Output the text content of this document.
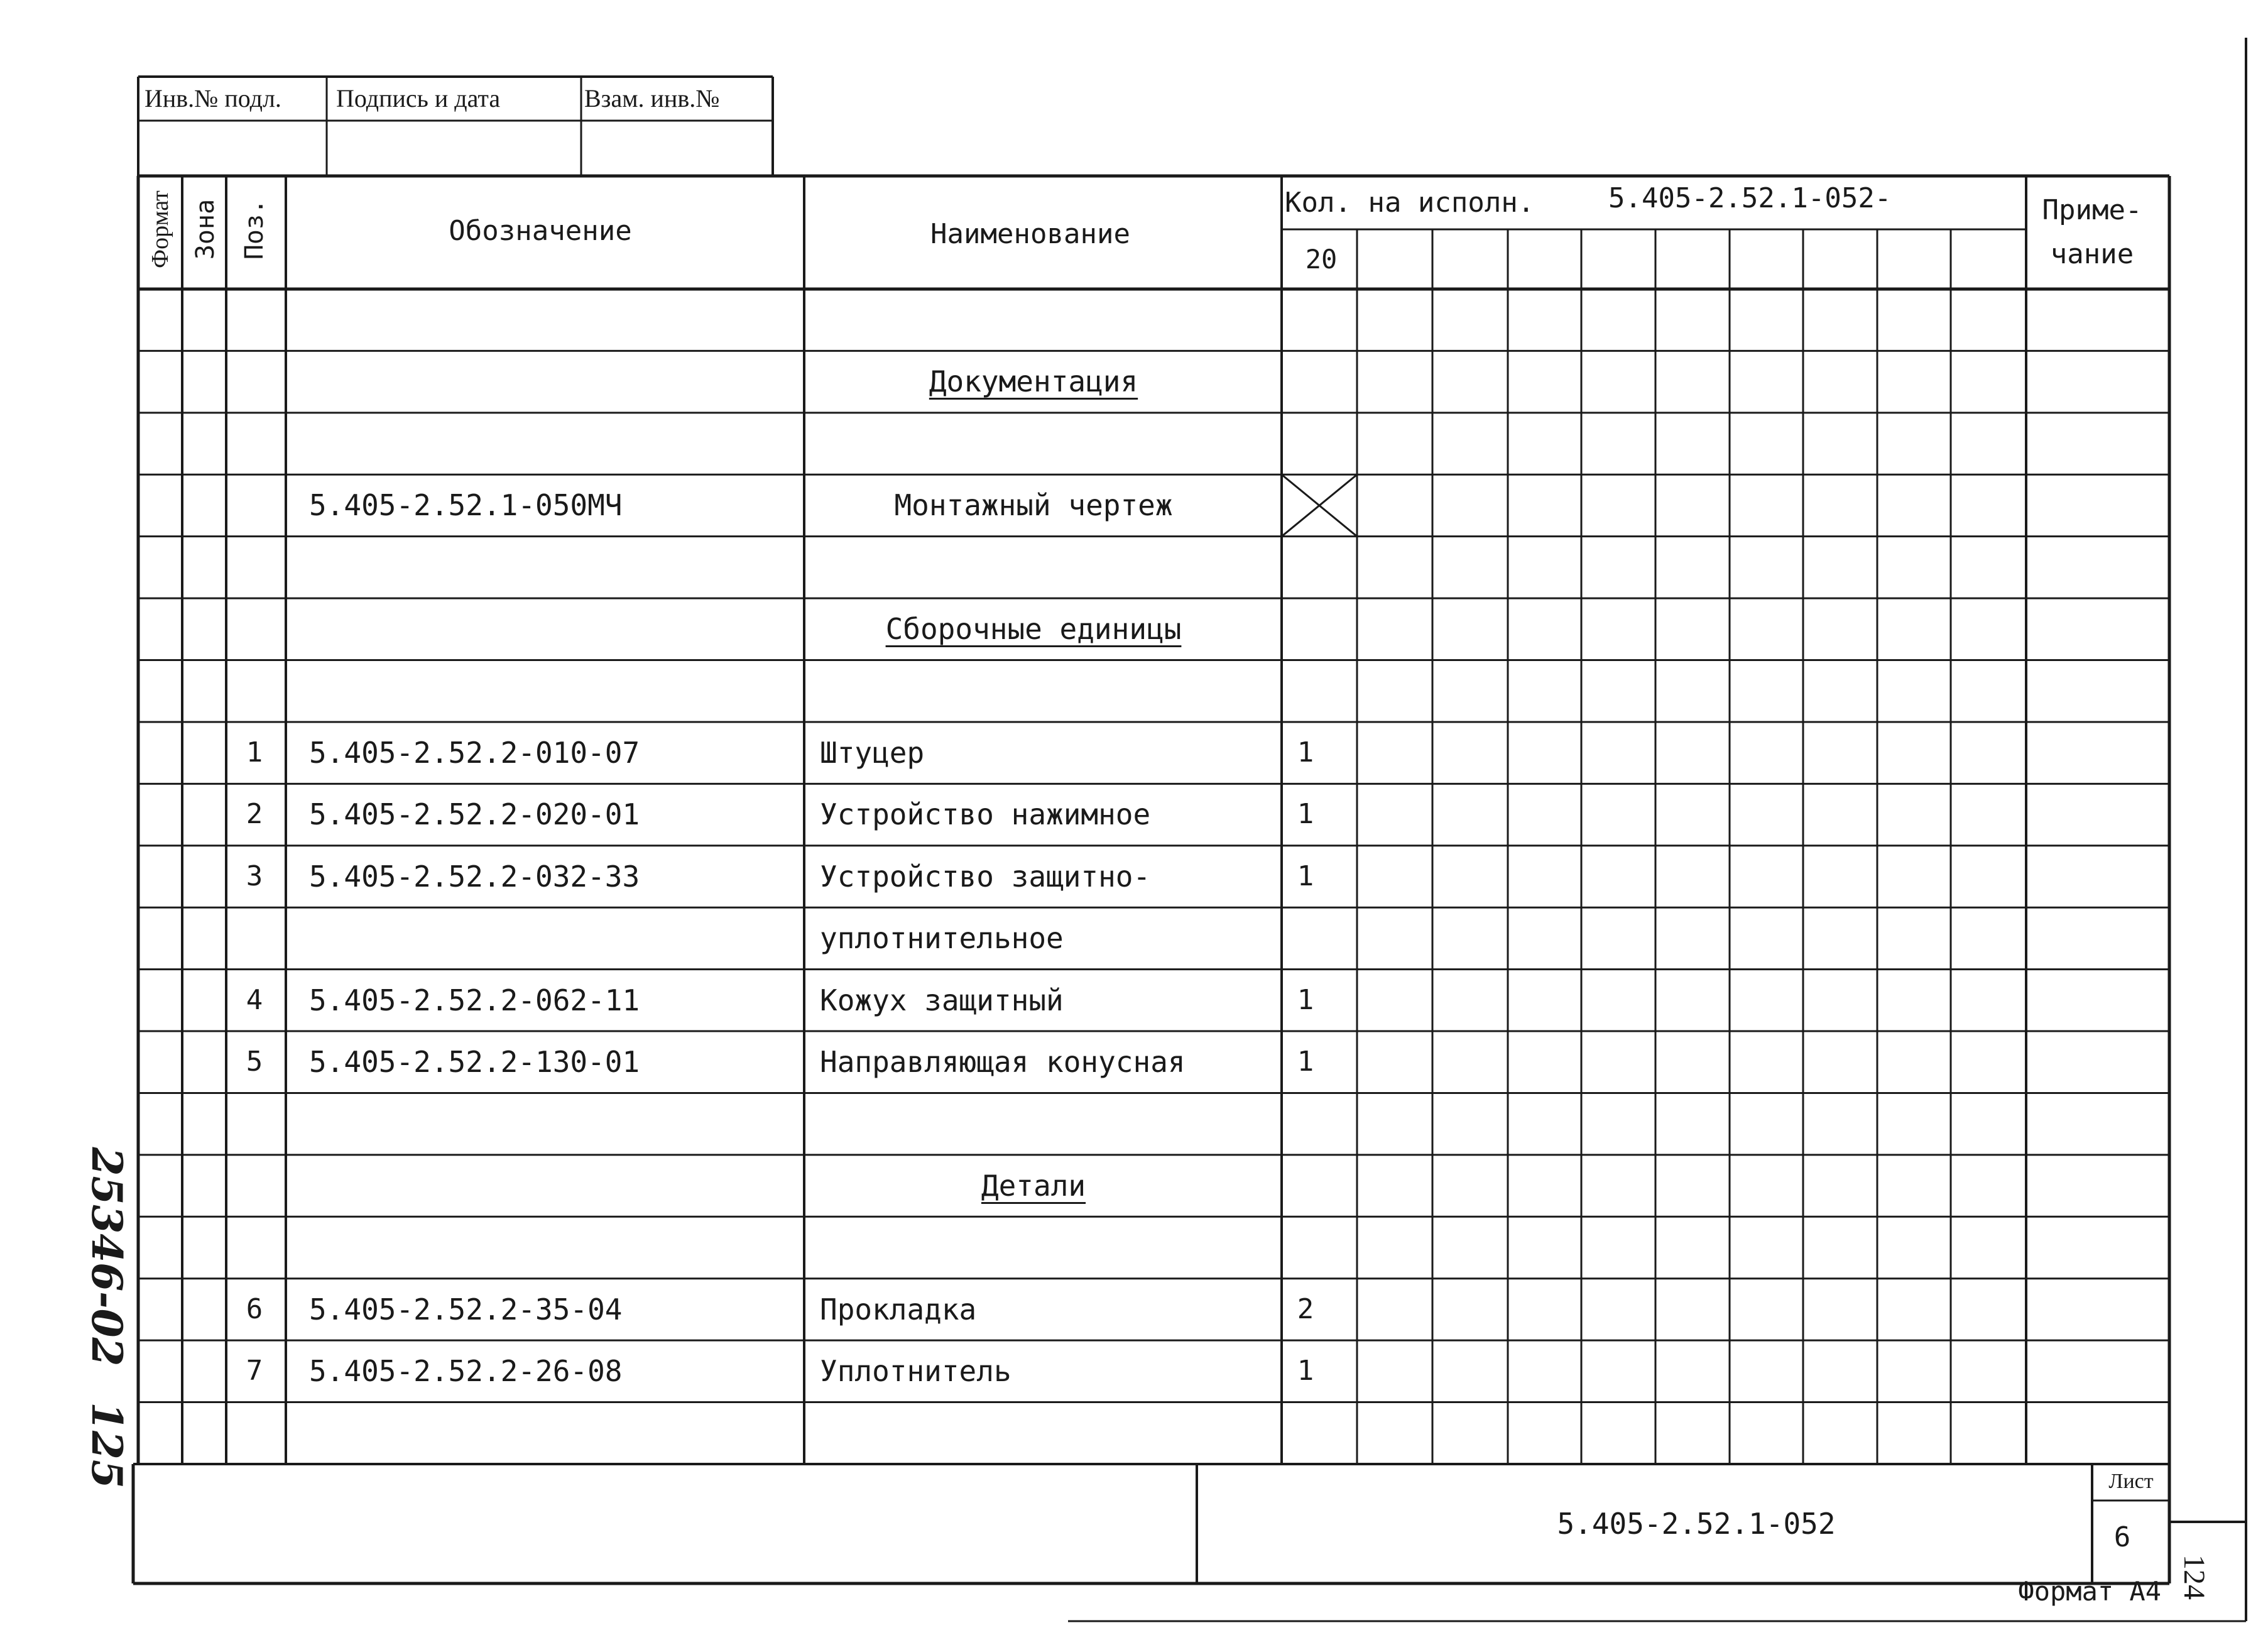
Инв.№ подл. Подпись и дата	Взам. инв.№
Формат Зона Поз.	Обозначение	Наименование
Кол. на исполн.	5.405-2.52.1-052-
20
Приме-
чание
Документация
5.405-2.52.1-050МЧ	Монтажный чертеж
Сборочные единицы
1 5.405-2.52.2-010-07	Штуцер	1
2 5.405-2.52.2-020-01	Устройство нажимное	1
3 5.405-2.52.2-032-33	Устройство защитно-	1
уплотнительное
4 5.405-2.52.2-062-11	Кожух защитный	1
5 5.405-2.52.2-130-01	Направляющая конусная	1
Детали
6 5.405-2.52.2-35-04	Прокладка	2
7 5.405-2.52.2-26-08	Уплотнитель	1
5.405-2.52.1-052
Лист
6
Формат А4 124
25346-02
125
